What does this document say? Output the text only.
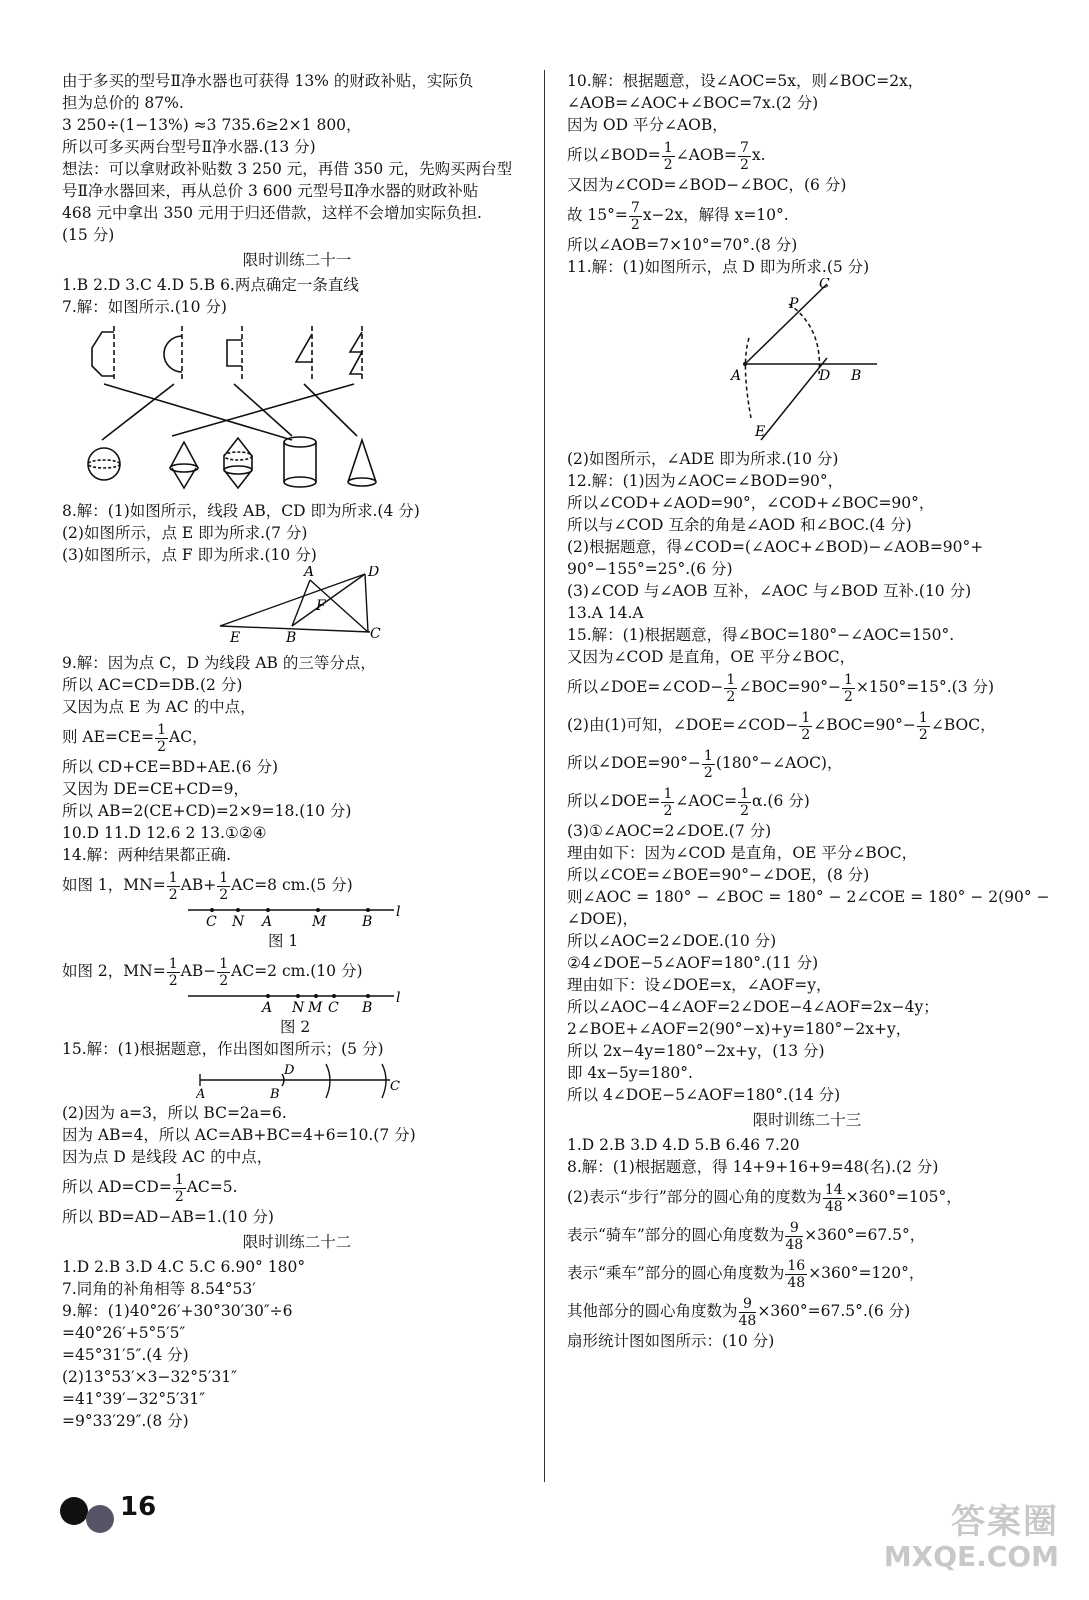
由于多买的型号Ⅱ净水器也可获得 13% 的财政补贴，实际负
担为总价的 87%.
3 250÷(1−13%) ≈3 735.6≥2×1 800，
所以可多买两台型号Ⅱ净水器.(13 分)
想法：可以拿财政补贴数 3 250 元，再借 350 元，先购买两台型
号Ⅱ净水器回来，再从总价 3 600 元型号Ⅱ净水器的财政补贴
468 元中拿出 350 元用于归还借款，这样不会增加实际负担.
(15 分)
限时训练二十一
1.B 2.D 3.C 4.D 5.B 6.两点确定一条直线
7.解：如图所示.(10 分)
8.解：(1)如图所示，线段 AB，CD 即为所求.(4 分)
(2)如图所示，点 E 即为所求.(7 分)
(3)如图所示，点 F 即为所求.(10 分)
A	D
F
E	B	C
9.解：因为点 C，D 为线段 AB 的三等分点，
所以 AC=CD=DB.(2 分)
又因为点 E 为 AC 的中点，
则 $AE=CE= \frac{1}{2}$ AC，
所以 CD+CE=BD+AE.(6 分)
又因为 DE=CE+CD=9，
所以 AB=2(CE+CD)=2×9=18.(10 分)
10.D 11.D 12.6 2 13.①②④
14.解：两种结果都正确.
如图 1，$MN= \frac{1}{2} AB+ \frac{1}{2} AC=8$ cm.(5 分)
C N A	M	B
l
图 1
如图 2，$MN= \frac{1}{2} AB- \frac{1}{2} AC=2$ cm.(10 分)
A N M C B
l
图 2
15.解：(1)根据题意，作出图如图所示；(5 分)
A	B
D
C
(2)因为 a=3，所以 BC=2a=6.
因为 AB=4，所以 AC=AB+BC=4+6=10.(7 分)
因为点 D 是线段 AC 的中点，
所以 $AD=CD= \frac{1}{2} AC=5$.
所以 BD=AD−AB=1.(10 分)
限时训练二十二
1.D 2.B 3.D 4.C 5.C 6.90° 180°
7.同角的补角相等 8.54°53′
9.解：(1)40°26′+30°30′30″÷6
=40°26′+5°5′5″
=45°31′5″.(4 分)
(2)13°53′×3−32°5′31″
=41°39′−32°5′31″
=9°33′29″.(8 分)
10.解：根据题意，设∠AOC=5x，则∠BOC=2x，
∠AOB=∠AOC+∠BOC=7x.(2 分)
因为 OD 平分∠AOB，
所以∠BOD= $\frac{1}{2}$ ∠AOB= $\frac{7}{2} x$.
又因为∠COD=∠BOD−∠BOC，(6 分)
故 $15^\circ= \frac{7}{2} x-2x$，解得 x=10°.
所以∠AOB=7×10°=70°.(8 分)
11.解：(1)如图所示，点 D 即为所求.(5 分)
A	D B
P
C
E
(2)如图所示，∠ADE 即为所求.(10 分)
12.解：(1)因为∠AOC=∠BOD=90°，
所以∠COD+∠AOD=90°，∠COD+∠BOC=90°，
所以与∠COD 互余的角是∠AOD 和∠BOC.(4 分)
(2)根据题意，得∠COD=(∠AOC+∠BOD)−∠AOB=90°+
90°−155°=25°.(6 分)
(3)∠COD 与∠AOB 互补，∠AOC 与∠BOD 互补.(10 分)
13.A 14.A
15.解：(1)根据题意，得∠BOC=180°−∠AOC=150°.
又因为∠COD 是直角，OE 平分∠BOC，
所以∠DOE=∠COD− $\frac{1}{2}$ ∠BOC=90°− $\frac{1}{2} \times 150^\circ=15^\circ.(3$ 分)
(2)由(1)可知，∠DOE=∠COD− $\frac{1}{2}$ ∠BOC=90°− $\frac{1}{2}$ ∠BOC，
所以∠DOE=90°− $\frac{1}{2}$ (180°−∠AOC)，
所以∠DOE= $\frac{1}{2}$ ∠AOC= $\frac{1}{2} \alpha.(6$ 分)
(3)①∠AOC=2∠DOE.(7 分)
理由如下：因为∠COD 是直角，OE 平分∠BOC，
所以∠COE=∠BOE=90°−∠DOE，(8 分)
则∠AOC = 180° − ∠BOC = 180° − 2∠COE = 180° − 2(90° −
∠DOE)，
所以∠AOC=2∠DOE.(10 分)
②4∠DOE−5∠AOF=180°.(11 分)
理由如下：设∠DOE=x，∠AOF=y，
所以∠AOC−4∠AOF=2∠DOE−4∠AOF=2x−4y；
2∠BOE+∠AOF=2(90°−x)+y=180°−2x+y，
所以 2x−4y=180°−2x+y，(13 分)
即 4x−5y=180°.
所以 4∠DOE−5∠AOF=180°.(14 分)
限时训练二十三
1.D 2.B 3.D 4.D 5.B 6.46 7.20
8.解：(1)根据题意，得 14+9+16+9=48(名).(2 分)
(2)表示“步行”部分的圆心角的度数为 $\frac{14}{48} \times 360^\circ=105^\circ$，
表示“骑车”部分的圆心角度数为 $\frac{9}{48} \times 360^\circ=67.5^\circ$，
表示“乘车”部分的圆心角度数为 $\frac{16}{48} \times 360^\circ=120^\circ$，
其他部分的圆心角度数为 $\frac{9}{48} \times 360^\circ=67.5^\circ.(6$ 分)
扇形统计图如图所示：(10 分)
16	答案圈
MXQE.COM
